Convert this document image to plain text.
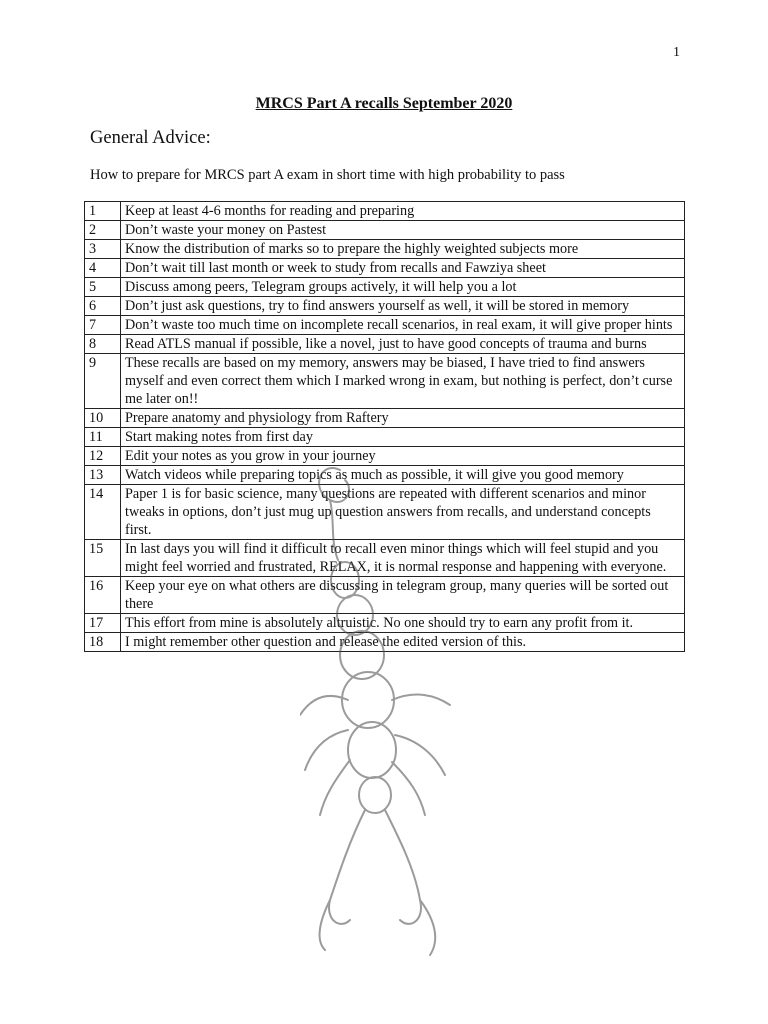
1
MRCS Part A recalls September 2020
General Advice:
How to prepare for MRCS part A exam in short time with high probability to pass
1	Keep at least 4-6 months for reading and preparing
2	Don’t waste your money on Pastest
3	Know the distribution of marks so to prepare the highly weighted subjects more
4	Don’t wait till last month or week to study from recalls and Fawziya sheet
5	Discuss among peers, Telegram groups actively, it will help you a lot
6	Don’t just ask questions, try to find answers yourself as well, it will be stored in memory
7	Don’t waste too much time on incomplete recall scenarios, in real exam, it will give proper hints
8	Read ATLS manual if possible, like a novel, just to have good concepts of trauma and burns
9	These recalls are based on my memory, answers may be biased, I have tried to find answers myself and even correct them which I marked wrong in exam, but nothing is perfect, don’t curse me later on!!
10	Prepare anatomy and physiology from Raftery
11	Start making notes from first day
12	Edit your notes as you grow in your journey
13	Watch videos while preparing topics as much as possible, it will give you good memory
14	Paper 1 is for basic science, many questions are repeated with different scenarios and minor tweaks in options, don’t just mug up question answers from recalls, and understand concepts first.
15	In last days you will find it difficult to recall even minor things which will feel stupid and you might feel worried and frustrated, RELAX, it is normal response and happening with everyone.
16	Keep your eye on what others are discussing in telegram group, many queries will be sorted out there
17	This effort from mine is absolutely altruistic. No one should try to earn any profit from it.
18	I might remember other question and release the edited version of this.
